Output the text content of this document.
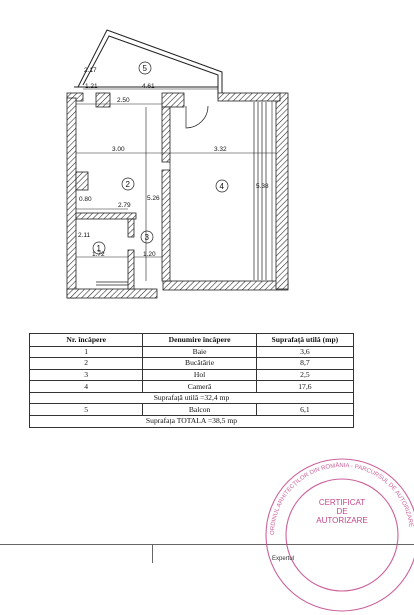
2.17
1.21	4.61
2.50
3.00	3.32
5.26
5.38
0.80
2.79
2.11
1.72	1.20
1
2
3
4
5
Nr. încăpere	Denumire încăpere	Suprafață utilă (mp)
1	Baie	3,6
2	Bucătărie	8,7
3	Hol	2,5
4	Cameră	17,6
Suprafață utilă =32,4 mp		
5	Balcon	6,1
Suprafața TOTALA =38,5 mp		
ORDINUL ARHITECȚILOR DIN ROMÂNIA - PARCURSUL DE AUTORIZARE
CERTIFICAT
DE
AUTORIZARE
Expertul
